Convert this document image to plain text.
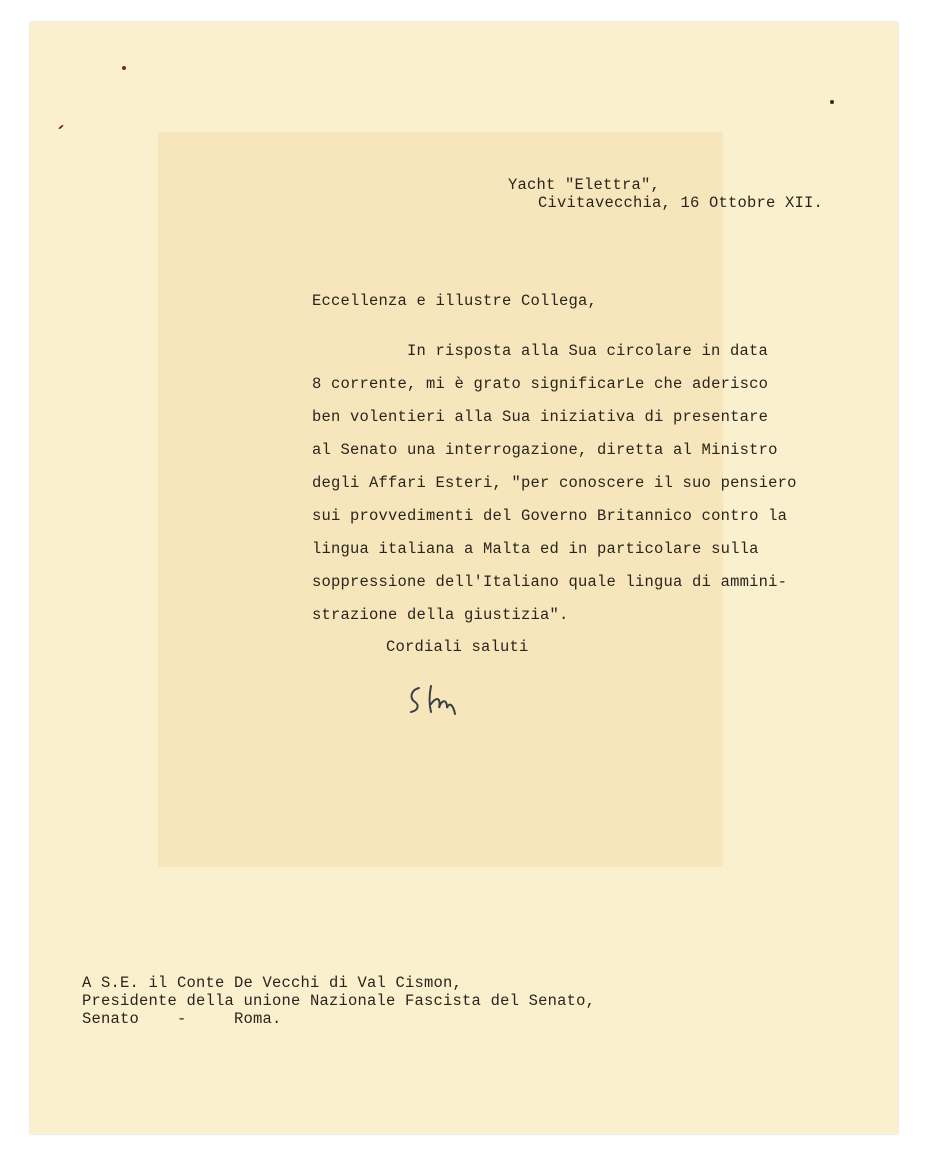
Yacht "Elettra",
Civitavecchia, 16 Ottobre XII.
Eccellenza e illustre Collega,
In risposta alla Sua circolare in data
8 corrente, mi è grato significarLe che aderisco
ben volentieri alla Sua iniziativa di presentare
al Senato una interrogazione, diretta al Ministro
degli Affari Esteri, "per conoscere il suo pensiero
sui provvedimenti del Governo Britannico contro la
lingua italiana a Malta ed in particolare sulla
soppressione dell'Italiano quale lingua di ammini-
strazione della giustizia".
Cordiali saluti
A S.E. il Conte De Vecchi di Val Cismon,
Presidente della unione Nazionale Fascista del Senato,
Senato    -     Roma.
